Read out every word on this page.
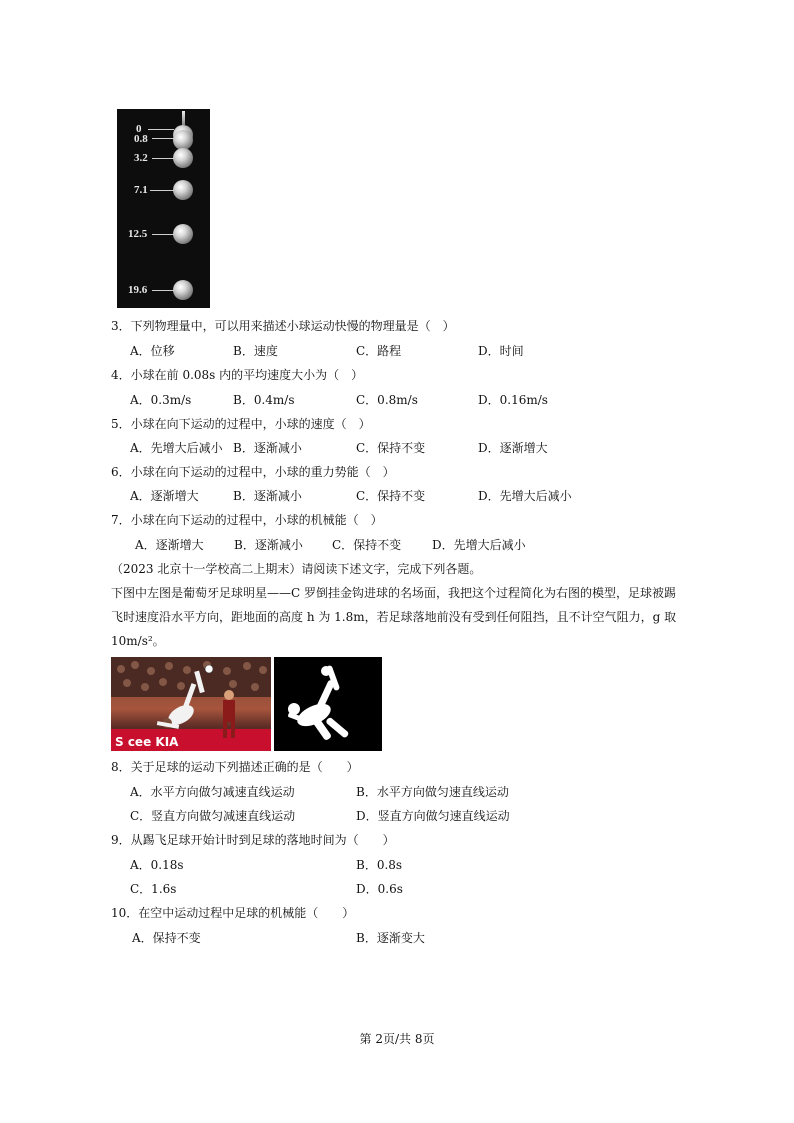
0
0.8
3.2
7.1
12.5
19.6
3．下列物理量中，可以用来描述小球运动快慢的物理量是（　）
A．位移	B．速度	C．路程	D．时间
4．小球在前 0.08s 内的平均速度大小为（　）
A．0.3m/s	B．0.4m/s	C．0.8m/s	D．0.16m/s
5．小球在向下运动的过程中，小球的速度（　）
A．先增大后减小 B．逐渐减小	C．保持不变	D．逐渐增大
6．小球在向下运动的过程中，小球的重力势能（　）
A．逐渐增大	B．逐渐减小	C．保持不变	D．先增大后减小
7．小球在向下运动的过程中，小球的机械能（　）
A．逐渐增大	B．逐渐减小 C．保持不变	D．先增大后减小
（2023 北京十一学校高二上期末）请阅读下述文字，完成下列各题。
下图中左图是葡萄牙足球明星——C 罗倒挂金钩进球的名场面，我把这个过程简化为右图的模型，足球被踢
飞时速度沿水平方向，距地面的高度 h 为 1.8m，若足球落地前没有受到任何阻挡，且不计空气阻力，g 取
10m/s²。
S cee KIA
8．关于足球的运动下列描述正确的是（　　）
A．水平方向做匀减速直线运动	B．水平方向做匀速直线运动
C．竖直方向做匀减速直线运动	D．竖直方向做匀速直线运动
9．从踢飞足球开始计时到足球的落地时间为（　　）
A．0.18s	B．0.8s
C．1.6s	D．0.6s
10．在空中运动过程中足球的机械能（　　）
A．保持不变	B．逐渐变大
第 2页/共 8页
